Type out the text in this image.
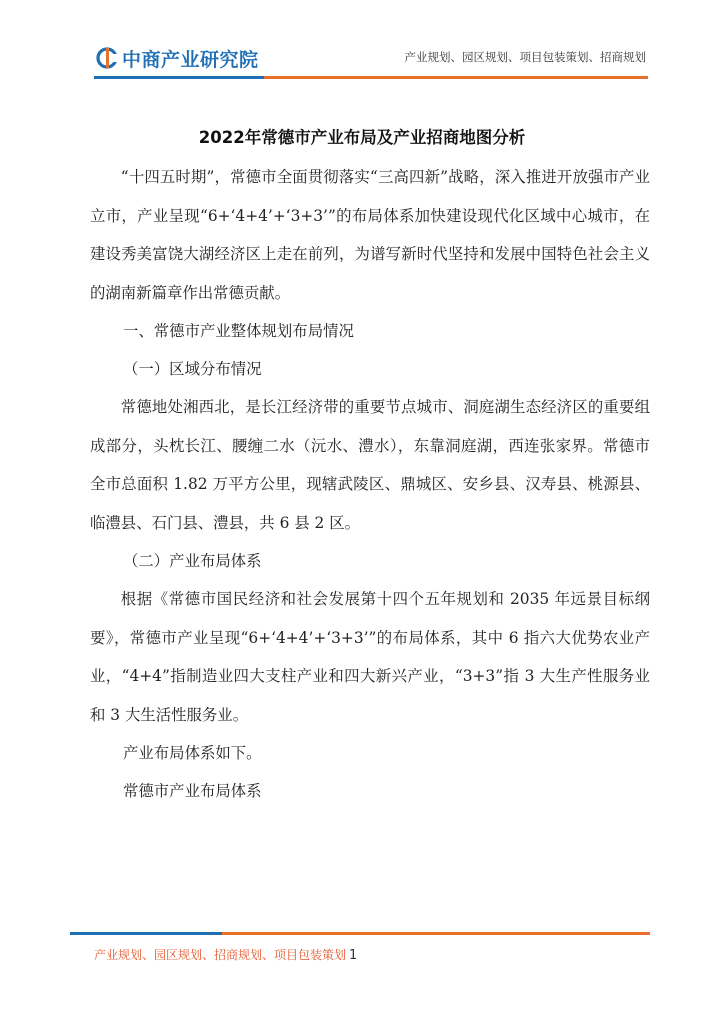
中商产业研究院	产业规划、园区规划、项目包装策划、招商规划
2022年常德市产业布局及产业招商地图分析

“十四五时期”，常德市全面贯彻落实“三高四新”战略，深入推进开放强市产业立市，产业呈现“6+‘4+4’+‘3+3’”的布局体系加快建设现代化区域中心城市，在建设秀美富饶大湖经济区上走在前列，为谱写新时代坚持和发展中国特色社会主义的湖南新篇章作出常德贡献。

一、常德市产业整体规划布局情况

（一）区域分布情况

常德地处湘西北，是长江经济带的重要节点城市、洞庭湖生态经济区的重要组成部分，头枕长江、腰缠二水（沅水、澧水），东靠洞庭湖，西连张家界。常德市全市总面积 1.82 万平方公里，现辖武陵区、鼎城区、安乡县、汉寿县、桃源县、临澧县、石门县、澧县，共 6 县 2 区。

（二）产业布局体系

根据《常德市国民经济和社会发展第十四个五年规划和 2035 年远景目标纲要》，常德市产业呈现“6+‘4+4’+‘3+3’”的布局体系，其中 6 指六大优势农业产业，“4+4”指制造业四大支柱产业和四大新兴产业，“3+3”指 3 大生产性服务业和 3 大生活性服务业。

产业布局体系如下。

常德市产业布局体系

产业规划、园区规划、招商规划、项目包装策划 1
